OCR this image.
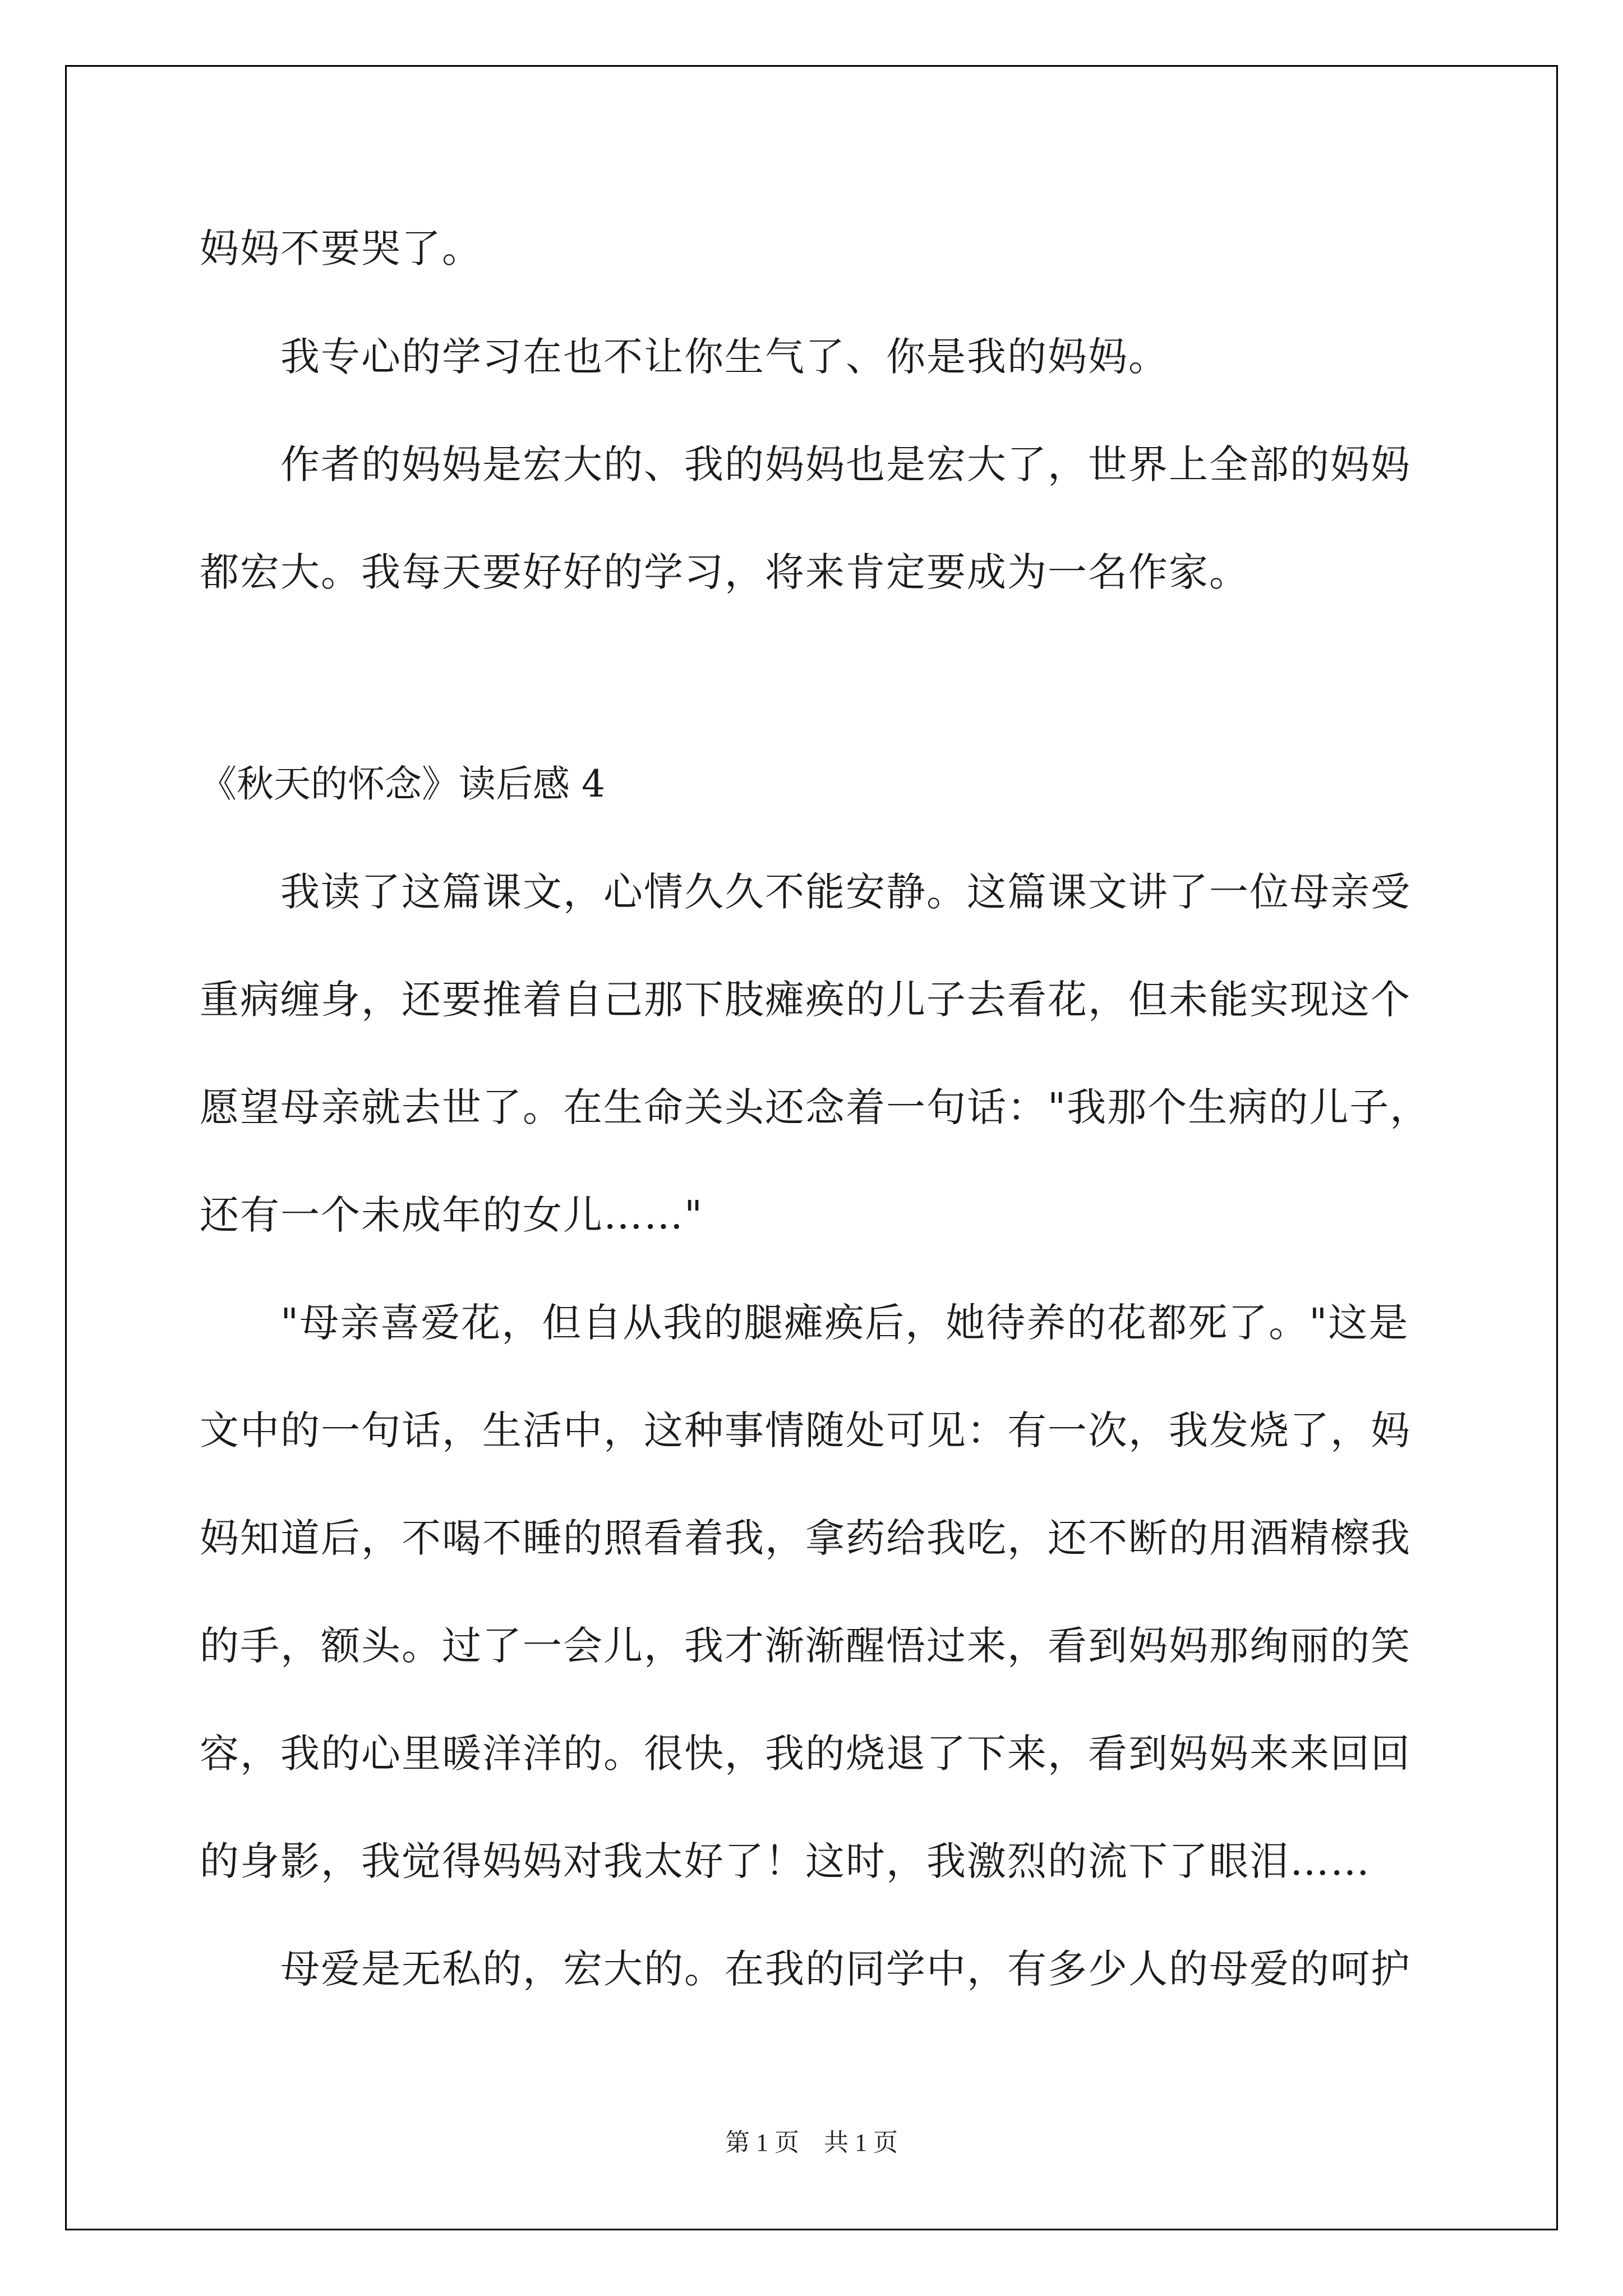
妈妈不要哭了。
我专心的学习在也不让你生气了、你是我的妈妈。
作者的妈妈是宏大的、我的妈妈也是宏大了，世界上全部的妈妈
都宏大。我每天要好好的学习，将来肯定要成为一名作家。
《秋天的怀念》读后感 4
我读了这篇课文，心情久久不能安静。这篇课文讲了一位母亲受
重病缠身，还要推着自己那下肢瘫痪的儿子去看花，但未能实现这个
愿望母亲就去世了。在生命关头还念着一句话："我那个生病的儿子，
还有一个未成年的女儿……"
"母亲喜爱花，但自从我的腿瘫痪后，她待养的花都死了。"这是
文中的一句话，生活中，这种事情随处可见：有一次，我发烧了，妈
妈知道后，不喝不睡的照看着我，拿药给我吃，还不断的用酒精檫我
的手，额头。过了一会儿，我才渐渐醒悟过来，看到妈妈那绚丽的笑
容，我的心里暖洋洋的。很快，我的烧退了下来，看到妈妈来来回回
的身影，我觉得妈妈对我太好了！这时，我激烈的流下了眼泪……
母爱是无私的，宏大的。在我的同学中，有多少人的母爱的呵护
第 1 页　共 1 页
